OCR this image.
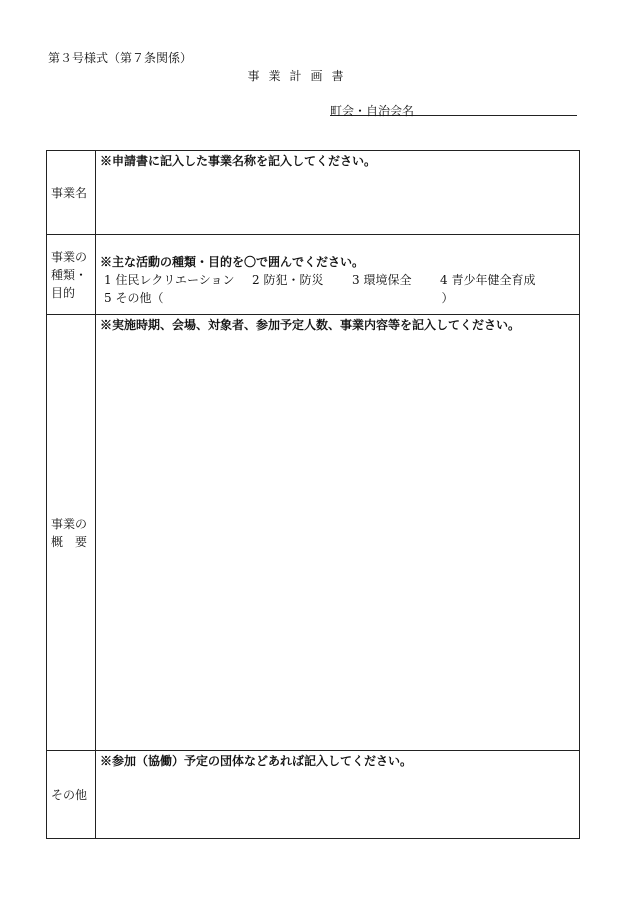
第３号様式（第７条関係）
事業計画書
町会・自治会名
事業名	※申請書に記入した事業名称を記入してください。

事業の
種類・
目的	※主な活動の種類・目的を〇で囲んでください。
1 住民レクリエーション 2 防犯・防災 3 環境保全 4 青少年健全育成
5 その他（ ）

事業の
概　要	※実施時期、会場、対象者、参加予定人数、事業内容等を記入してください。

その他	※参加（協働）予定の団体などあれば記入してください。
